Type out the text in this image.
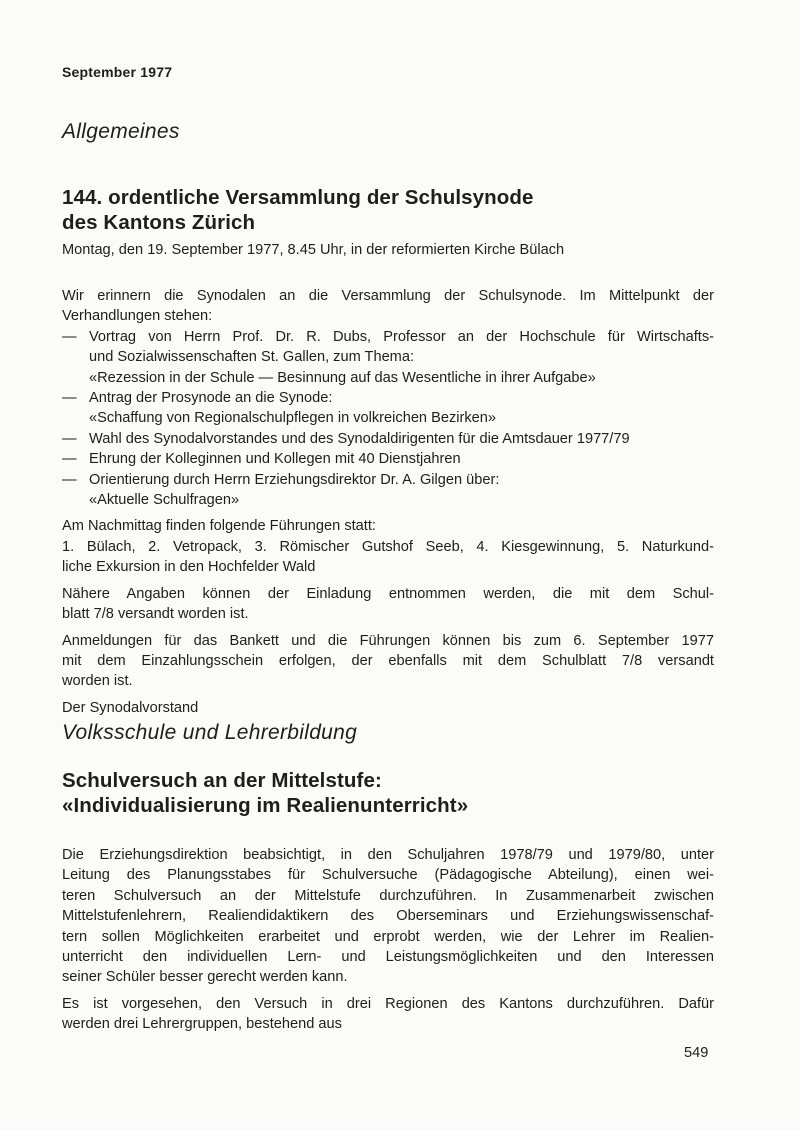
September 1977
Allgemeines
144. ordentliche Versammlung der Schulsynode
des Kantons Zürich
Montag, den 19. September 1977, 8.45 Uhr, in der reformierten Kirche Bülach

Wir erinnern die Synodalen an die Versammlung der Schulsynode. Im Mittelpunkt der

Verhandlungen stehen:

— Vortrag von Herrn Prof. Dr. R. Dubs, Professor an der Hochschule für Wirtschafts-

und Sozialwissenschaften St. Gallen, zum Thema:

«Rezession in der Schule — Besinnung auf das Wesentliche in ihrer Aufgabe»

— Antrag der Prosynode an die Synode:

«Schaffung von Regionalschulpflegen in volkreichen Bezirken»

— Wahl des Synodalvorstandes und des Synodaldirigenten für die Amtsdauer 1977/79

— Ehrung der Kolleginnen und Kollegen mit 40 Dienstjahren

— Orientierung durch Herrn Erziehungsdirektor Dr. A. Gilgen über:

«Aktuelle Schulfragen»

Am Nachmittag finden folgende Führungen statt:

1. Bülach, 2. Vetropack, 3. Römischer Gutshof Seeb, 4. Kiesgewinnung, 5. Naturkund-

liche Exkursion in den Hochfelder Wald

Nähere Angaben können der Einladung entnommen werden, die mit dem Schul-

blatt 7/8 versandt worden ist.

Anmeldungen für das Bankett und die Führungen können bis zum 6. September 1977

mit dem Einzahlungsschein erfolgen, der ebenfalls mit dem Schulblatt 7/8 versandt

worden ist.

Der Synodalvorstand

Volksschule und Lehrerbildung
Schulversuch an der Mittelstufe:
«Individualisierung im Realienunterricht»

Die Erziehungsdirektion beabsichtigt, in den Schuljahren 1978/79 und 1979/80, unter

Leitung des Planungsstabes für Schulversuche (Pädagogische Abteilung), einen wei-

teren Schulversuch an der Mittelstufe durchzuführen. In Zusammenarbeit zwischen

Mittelstufenlehrern, Realiendidaktikern des Oberseminars und Erziehungswissenschaf-

tern sollen Möglichkeiten erarbeitet und erprobt werden, wie der Lehrer im Realien-

unterricht den individuellen Lern- und Leistungsmöglichkeiten und den Interessen

seiner Schüler besser gerecht werden kann.

Es ist vorgesehen, den Versuch in drei Regionen des Kantons durchzuführen. Dafür

werden drei Lehrergruppen, bestehend aus

549
